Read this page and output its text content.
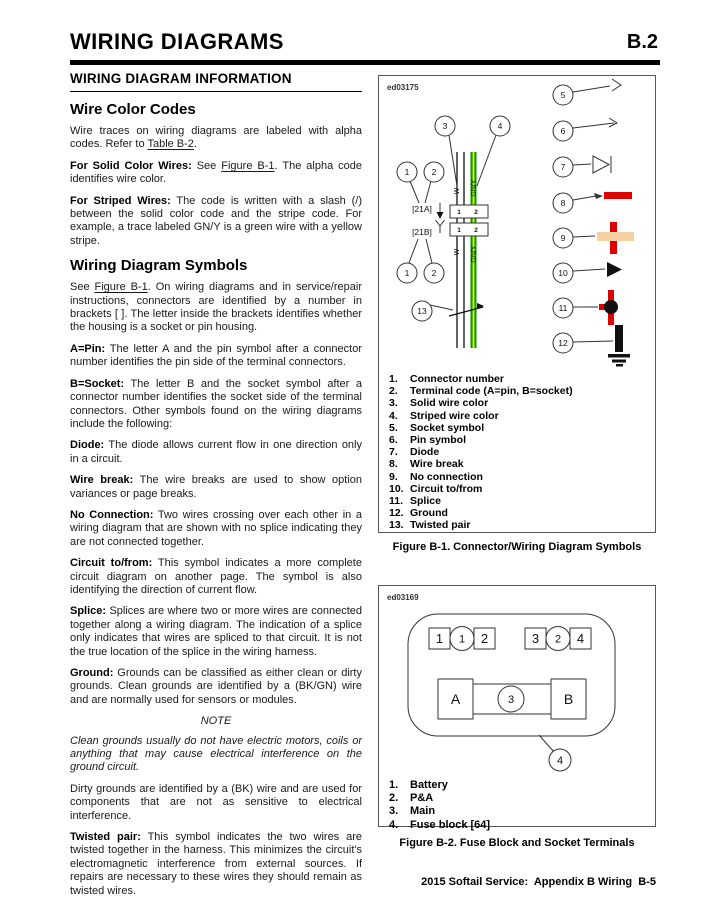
WIRING DIAGRAMS	B.2
WIRING DIAGRAM INFORMATION
Wire Color Codes

Wire traces on wiring diagrams are labeled with alpha codes. Refer to Table B-2.

For Solid Color Wires: See Figure B-1. The alpha code identifies wire color.

For Striped Wires: The code is written with a slash (/) between the solid color code and the stripe code. For example, a trace labeled GN/Y is a green wire with a yellow stripe.

Wiring Diagram Symbols

See Figure B-1. On wiring diagrams and in service/repair instructions, connectors are identified by a number in brackets [ ]. The letter inside the brackets identifies whether the housing is a socket or pin housing.

A=Pin: The letter A and the pin symbol after a connector number identifies the pin side of the terminal connectors.

B=Socket: The letter B and the socket symbol after a connector number identifies the socket side of the terminal connectors. Other symbols found on the wiring diagrams include the following:

Diode: The diode allows current flow in one direction only in a circuit.

Wire break: The wire breaks are used to show option variances or page breaks.

No Connection: Two wires crossing over each other in a wiring diagram that are shown with no splice indicating they are not connected together.

Circuit to/from: This symbol indicates a more complete circuit diagram on another page. The symbol is also identifying the direction of current flow.

Splice: Splices are where two or more wires are connected together along a wiring diagram. The indication of a splice only indicates that wires are spliced to that circuit. It is not the true location of the splice in the wiring harness.

Ground: Grounds can be classified as either clean or dirty grounds. Clean grounds are identified by a (BK/GN) wire and are normally used for sensors or modules.

NOTE

Clean grounds usually do not have electric motors, coils or anything that may cause electrical interference on the ground circuit.

Dirty grounds are identified by a (BK) wire and are used for components that are not as sensitive to electrical interference.

Twisted pair: This symbol indicates the two wires are twisted together in the harness. This minimizes the circuit's electromagnetic interference from external sources. If repairs are necessary to these wires they should remain as twisted wires.

ed03175
W GN/Y
W GN/Y
1 2
1 2
[21A]
[21B]
3	4
1	2
1	2
13
5
6
7
8
9
10
11
12
1.	Connector number
2.	Terminal code (A=pin, B=socket)
3.	Solid wire color
4.	Striped wire color
5.	Socket symbol
6.	Pin symbol
7.	Diode
8.	Wire break
9.	No connection
10. Circuit to/from
11. Splice
12. Ground
13. Twisted pair
Figure B-1. Connector/Wiring Diagram Symbols
ed03169
1	2
1	3	4
2
A	3	B
4
1.	Battery
2.	P&A
3.	Main
4.	Fuse block [64]
Figure B-2. Fuse Block and Socket Terminals
2015 Softail Service:  Appendix B Wiring  B-5
